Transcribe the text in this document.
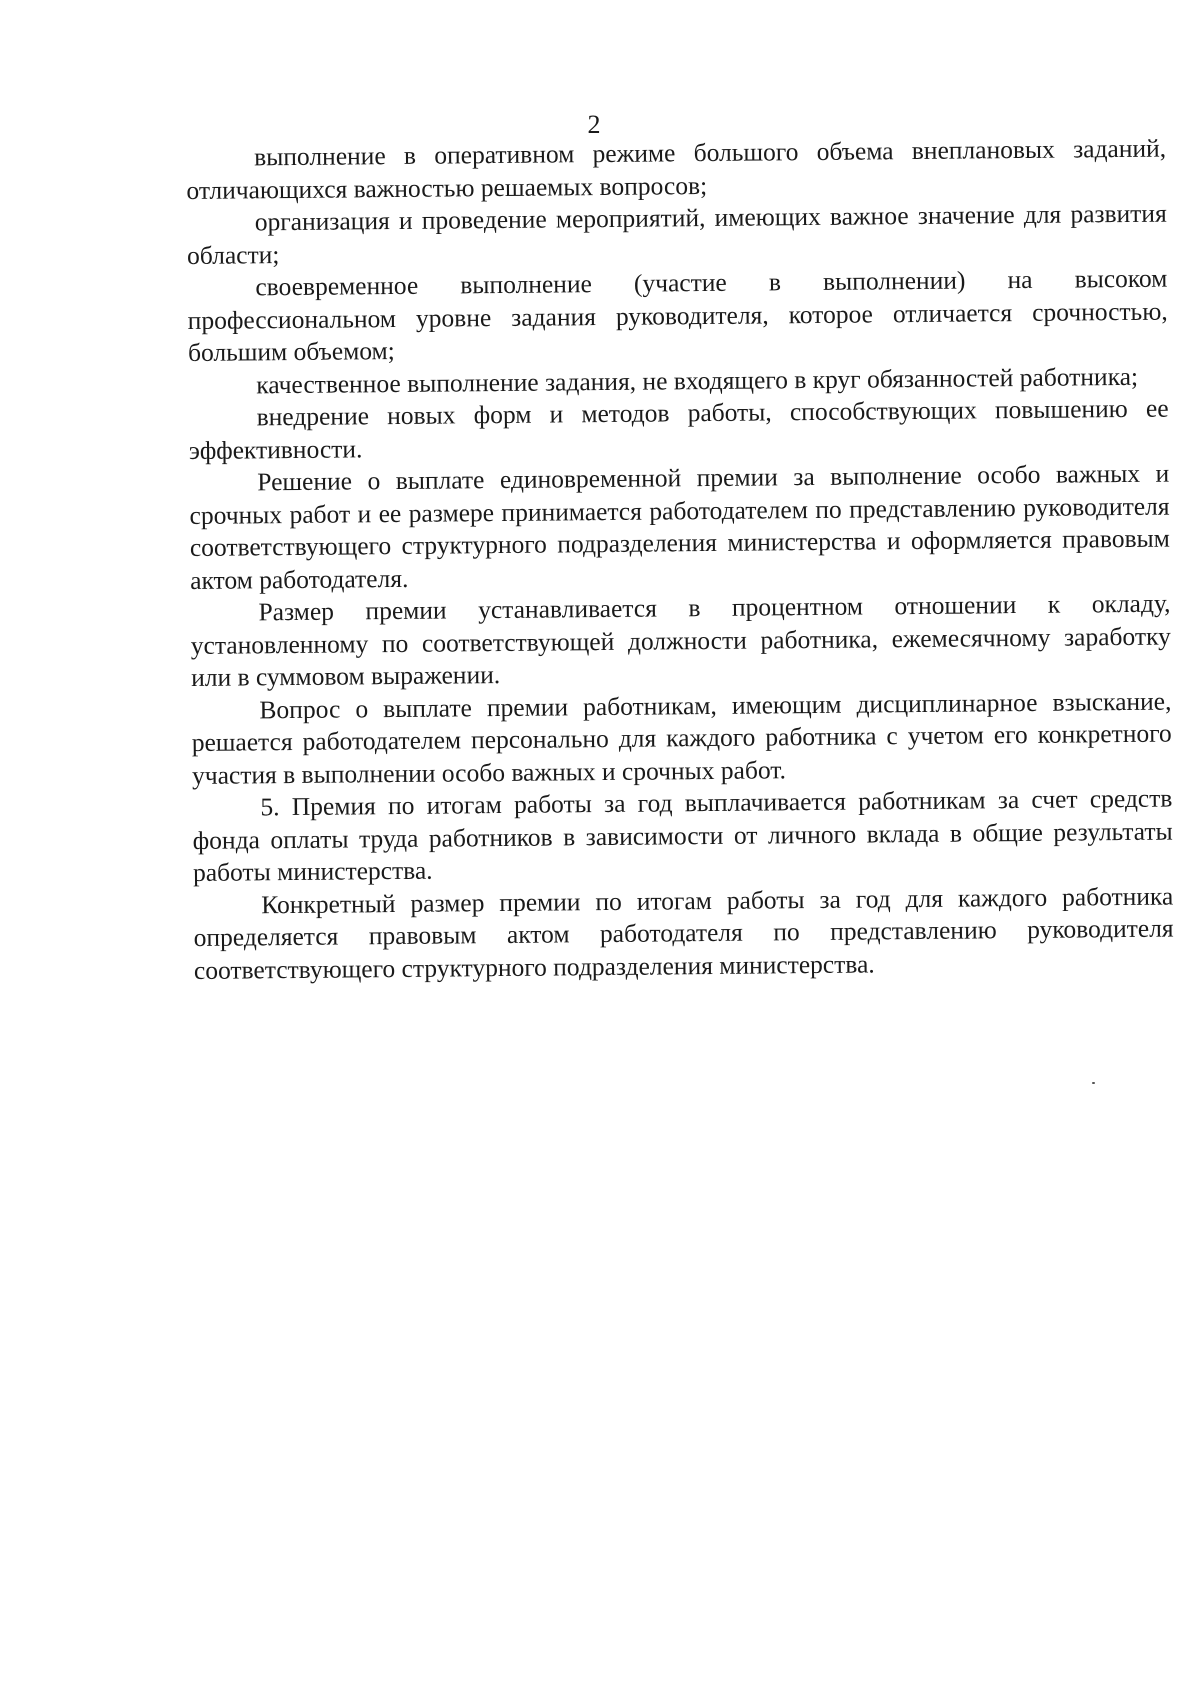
2

выполнение в оперативном режиме большого объема внеплановых заданий, отличающихся важностью решаемых вопросов;

организация и проведение мероприятий, имеющих важное значение для развития области;

своевременное выполнение (участие в выполнении) на высоком профессиональном уровне задания руководителя, которое отличается срочностью, большим объемом;

качественное выполнение задания, не входящего в круг обязанностей работника;

внедрение новых форм и методов работы, способствующих повышению ее эффективности.

Решение о выплате единовременной премии за выполнение особо важных и срочных работ и ее размере принимается работодателем по представлению руководителя соответствующего структурного подразделения министерства и оформляется правовым актом работодателя.

Размер премии устанавливается в процентном отношении к окладу, установленному по соответствующей должности работника, ежемесячному заработку или в суммовом выражении.

Вопрос о выплате премии работникам, имеющим дисциплинарное взыскание, решается работодателем персонально для каждого работника с учетом его конкретного участия в выполнении особо важных и срочных работ.

5. Премия по итогам работы за год выплачивается работникам за счет средств фонда оплаты труда работников в зависимости от личного вклада в общие результаты работы министерства.

Конкретный размер премии по итогам работы за год для каждого работника определяется правовым актом работодателя по представлению руководителя соответствующего структурного подразделения министерства.
